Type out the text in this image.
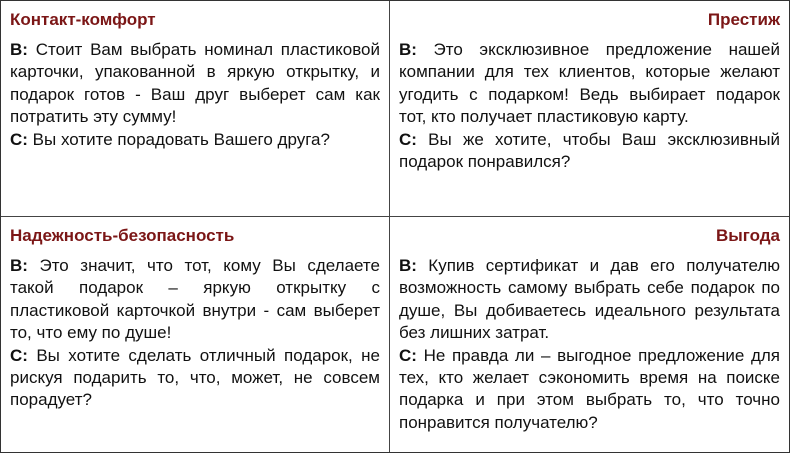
Контакт-комфорт

В: Стоит Вам выбрать номинал пластиковой карточки, упакованной в яркую открытку, и подарок готов - Ваш друг выберет сам как потратить эту сумму!

С: Вы хотите порадовать Вашего друга?

Престиж

В: Это эксклюзивное предложение нашей компании для тех клиентов, которые желают угодить с подарком! Ведь выбирает подарок тот, кто получает пластиковую карту.

С: Вы же хотите, чтобы Ваш эксклюзивный подарок понравился?

Надежность-безопасность

В: Это значит, что тот, кому Вы сделаете такой подарок – яркую открытку с пластиковой карточкой внутри - сам выберет то, что ему по душе!

С: Вы хотите сделать отличный подарок, не рискуя подарить то, что, может, не совсем порадует?

Выгода

В: Купив сертификат и дав его получателю возможность самому выбрать себе подарок по душе, Вы добиваетесь идеального результата без лишних затрат.

С: Не правда ли – выгодное предложение для тех, кто желает сэкономить время на поиске подарка и при этом выбрать то, что точно понравится получателю?
